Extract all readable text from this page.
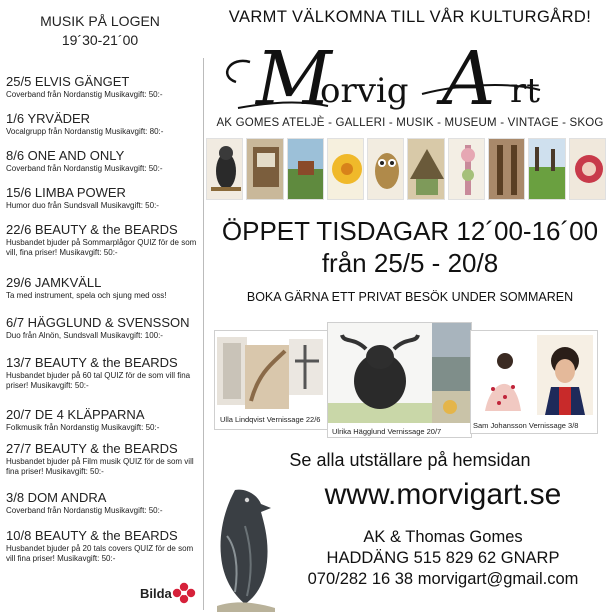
MUSIK PÅ LOGEN
19´30-21´00
25/5 ELVIS GÄNGET
Coverband från Nordanstig Musikavgift: 50:-
1/6 YRVÄDER
Vocalgrupp från Nordanstig Musikavgift: 80:-
8/6 ONE AND ONLY
Coverband från Nordanstig Musikavgift: 50:-
15/6 LIMBA POWER
Humor duo från Sundsvall Musikavgift: 50:-
22/6 BEAUTY & the BEARDS
Husbandet bjuder på Sommarplågor QUIZ för de som vill, fina priser! Musikavgift: 50:-
29/6 JAMKVÄLL
Ta med instrument, spela och sjung med oss!
6/7 HÄGGLUND & SVENSSON
Duo från Alnön, Sundsvall Musikavgift: 100:-
13/7 BEAUTY & the BEARDS
Husbandet bjuder på 60 tal QUIZ för de som vill fina priser! Musikavgift: 50:-
20/7 DE 4 KLÄPPARNA
Folkmusik från Nordanstig Musikavgift: 50:-
27/7 BEAUTY & the BEARDS
Husbandet bjuder på Film musik QUIZ för de som vill fina priser! Musikavgift: 50:-
3/8 DOM ANDRA
Coverband från Nordanstig Musikavgift: 50:-
10/8 BEAUTY & the BEARDS
Husbandet bjuder på 20 tals covers QUIZ för de som vill fina priser! Musikavgift: 50:-
Bilda
VARMT VÄLKOMNA TILL VÅR KULTURGÅRD!
M
orvig A rt
AK GOMES ATELJÈ - GALLERI - MUSIK - MUSEUM - VINTAGE - SKOG
ÖPPET TISDAGAR 12´00-16´00
från 25/5 - 20/8
BOKA GÄRNA ETT PRIVAT BESÖK UNDER SOMMAREN
Ulla Lindqvist Vernissage 22/6
Ulrika Hägglund Vernissage 20/7
Sam Johansson Vernissage 3/8
Se alla utställare på hemsidan
www.morvigart.se
AK & Thomas Gomes
HADDÄNG 515 829 62 GNARP
070/282 16 38 morvigart@gmail.com
